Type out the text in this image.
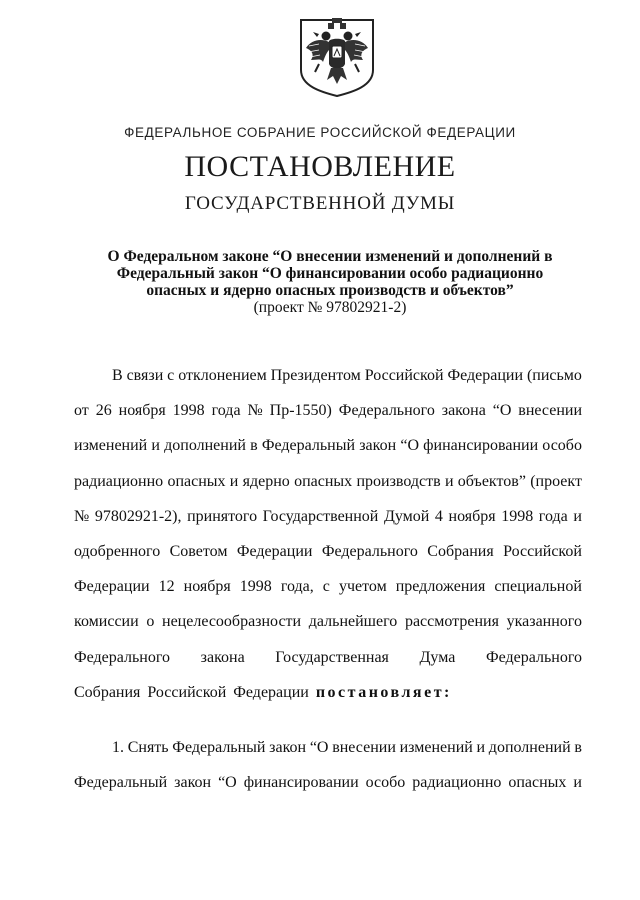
ФЕДЕРАЛЬНОЕ СОБРАНИЕ РОССИЙСКОЙ ФЕДЕРАЦИИ
ПОСТАНОВЛЕНИЕ
ГОСУДАРСТВЕННОЙ ДУМЫ
О Федеральном законе “О внесении изменений и дополнений в
Федеральный закон “О финансировании особо радиационно
опасных и ядерно опасных производств и объектов”
(проект № 97802921-2)
В связи с отклонением Президентом Российской Федерации (письмо
от 26 ноября 1998 года № Пр-1550) Федерального закона “О внесении
изменений и дополнений в Федеральный закон “О финансировании особо
радиационно опасных и ядерно опасных производств и объектов” (проект
№ 97802921-2), принятого Государственной Думой 4 ноября 1998 года и
одобренного Советом Федерации Федерального Собрания Российской
Федерации 12 ноября 1998 года, с учетом предложения специальной
комиссии о нецелесообразности дальнейшего рассмотрения указанного
Федерального закона Государственная Дума Федерального
Собрания Российской Федерации постановляет:
1. Снять Федеральный закон “О внесении изменений и дополнений в
Федеральный закон “О финансировании особо радиационно опасных и
